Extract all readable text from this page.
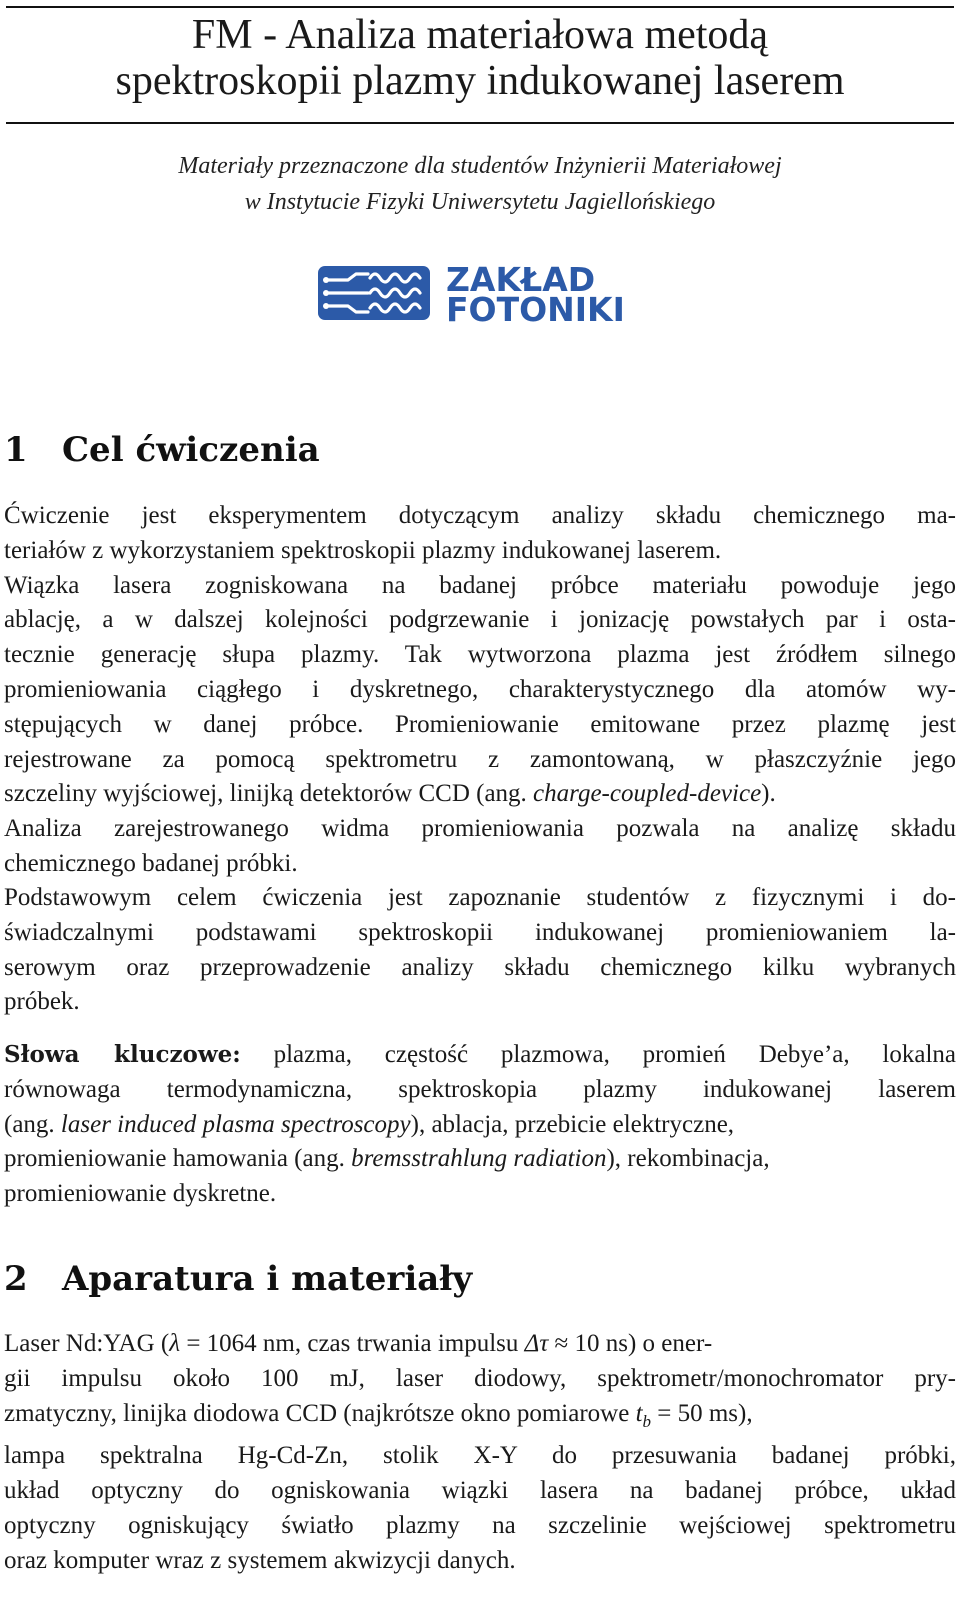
FM - Analiza materiałowa metodą
spektroskopii plazmy indukowanej laserem
Materiały przeznaczone dla studentów Inżynierii Materiałowej
w Instytucie Fizyki Uniwersytetu Jagiellońskiego
ZAKŁAD
FOTONIKI
1 Cel ćwiczenia
Ćwiczenie jest eksperymentem dotyczącym analizy składu chemicznego ma-
teriałów z wykorzystaniem spektroskopii plazmy indukowanej laserem.
Wiązka lasera zogniskowana na badanej próbce materiału powoduje jego
ablację, a w dalszej kolejności podgrzewanie i jonizację powstałych par i osta-
tecznie generację słupa plazmy. Tak wytworzona plazma jest źródłem silnego
promieniowania ciągłego i dyskretnego, charakterystycznego dla atomów wy-
stępujących w danej próbce. Promieniowanie emitowane przez plazmę jest
rejestrowane za pomocą spektrometru z zamontowaną, w płaszczyźnie jego
szczeliny wyjściowej, linijką detektorów CCD (ang. charge-coupled-device).
Analiza zarejestrowanego widma promieniowania pozwala na analizę składu
chemicznego badanej próbki.
Podstawowym celem ćwiczenia jest zapoznanie studentów z fizycznymi i do-
świadczalnymi podstawami spektroskopii indukowanej promieniowaniem la-
serowym oraz przeprowadzenie analizy składu chemicznego kilku wybranych
próbek.
Słowa kluczowe: plazma, częstość plazmowa, promień Debye’a, lokalna
równowaga termodynamiczna, spektroskopia plazmy indukowanej laserem
(ang. laser induced plasma spectroscopy), ablacja, przebicie elektryczne,
promieniowanie hamowania (ang. bremsstrahlung radiation), rekombinacja,
promieniowanie dyskretne.
2 Aparatura i materiały
Laser Nd:YAG (λ = 1064 nm, czas trwania impulsu Δτ ≈ 10 ns) o ener-
gii impulsu około 100 mJ, laser diodowy, spektrometr/monochromator pry-
zmatyczny, linijka diodowa CCD (najkrótsze okno pomiarowe $t_b = 50$ ms),
lampa spektralna Hg-Cd-Zn, stolik X-Y do przesuwania badanej próbki,
układ optyczny do ogniskowania wiązki lasera na badanej próbce, układ
optyczny ogniskujący światło plazmy na szczelinie wejściowej spektrometru
oraz komputer wraz z systemem akwizycji danych.
